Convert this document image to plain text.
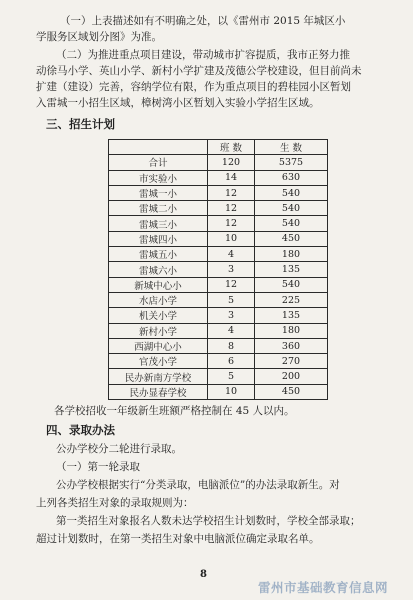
（一）上表描述如有不明确之处，以《雷州市 2015 年城区小
学服务区域划分图》为准。
（二）为推进重点项目建设，带动城市扩容提质，我市正努力推
动徐马小学、英山小学、新村小学扩建及茂德公学校建设，但目前尚未
扩建（建设）完善，容纳学位有限，作为重点项目的碧桂园小区暂划
入雷城一小招生区域，樟树湾小区暂划入实验小学招生区域。
三、招生计划
	班 数	生 数
合计	120	5375
市实验小	14	630
雷城一小	12	540
雷城二小	12	540
雷城三小	12	540
雷城四小	10	450
雷城五小	4	180
雷城六小	3	135
新城中心小	12	540
水店小学	5	225
机关小学	3	135
新村小学	4	180
西湖中心小	8	360
官茂小学	6	270
民办新南方学校	5	200
民办显春学校	10	450
各学校招收一年级新生班额严格控制在 45 人以内。
四、录取办法
公办学校分二轮进行录取。
（一）第一轮录取
公办学校根据实行“分类录取，电脑派位”的办法录取新生。对
上列各类招生对象的录取规则为：
第一类招生对象报名人数未达学校招生计划数时，学校全部录取；
超过计划数时，在第一类招生对象中电脑派位确定录取名单。
8
雷州市基础教育信息网
